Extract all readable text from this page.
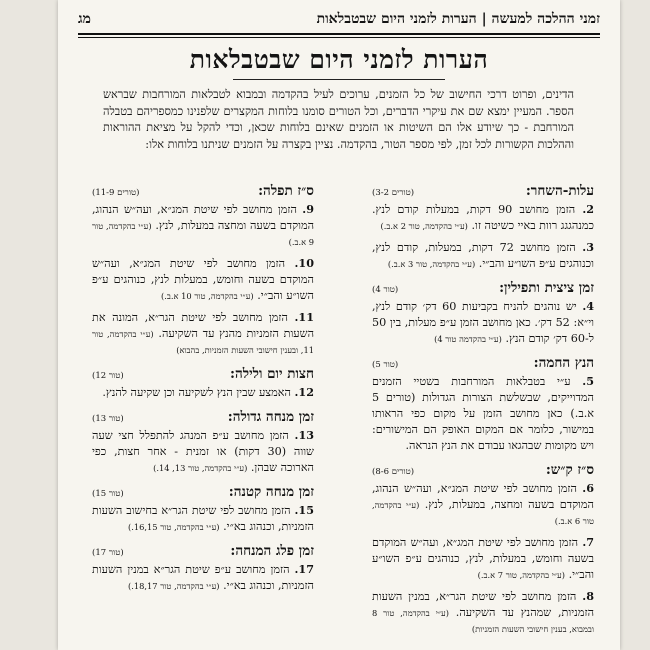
זמני ההלכה למעשה | הערות לזמני היום שבטבלאות
מג
הערות לזמני היום שבטבלאות
הדינים, ופרוט דרכי החישוב של כל הזמנים, ערוכים לעיל בהקדמה ובמבוא לטבלאות המורחבות שבראש הספר. המעיין ימצא שם את עיקרי הדברים, וכל הטורים סומנו בלוחות המקצרים שלפנינו כמספריהם בטבלה המורחבת - כך שיודע אלו הם השיטות או הזמנים שאינם בלוחות שכאן, וכדי להקל על מציאת ההוראות וההלכות הקשורות לכל זמן, לפי מספר הטור, בהקדמה. נציין בקצרה על הזמנים שניתנו בלוחות אלו:
עלות-השחר:
(טורים 3-2)
2. הזמן מחושב 90 דקות, במעלות קודם לנץ. כמנהגגג רוות באיי כשיטה זו. (ע״י בהקדמה, טור 2 א.ב.)
3. הזמן מחושב 72 דקות, במעלות, קודם לנץ, וכנוהגים ע״פ השו״ע והב״י. (ע״י בהקדמה, טור 3 א.ב.)
זמן ציצית ותפילין:
(טור 4)
4. יש נוהגים להניח בקביעות 60 דק׳ קודם לנץ, וי״א: 52 דק׳. כאן מחושב הזמן ע״פ מעלות, בין 50 ל-60 דק׳ קודם הנץ. (ע״י בהקדמה טור 4)
הנץ החמה:
(טור 5)
5. ע״י בטבלאות המורחבות בשטיי הזמנים המדוייקים, שבשלשת הצורות הגדולות (טורים 5 א.ב.) כאן מחושב הזמן על מקום כפי הראותו במישור, כלומר אם המקום האופק הם המישורים: ויש מקומות שבהגאו עבודם את הנץ הנראה.
ס״ז ק״ש:
(טורים 8-6)
6. הזמן מחושב לפי שיטת המג״א, ועה״ש הנהוג, המוקדם בשעה ומחצה, במעלות, לנץ. (ע״י בהקדמה, טור 6 א.ב.)
7. הזמן מחושב לפי שיטת המג״א, ועה״ש המוקדם בשעה וחומש, במעלות, לנץ, כנוהגים ע״פ השו״ע והב״י. (ע״י בהקדמה, טור 7 א.ב.)
8. הזמן מחושב לפי שיטת הגר״א, במנין השעות הזמניות, שמהנץ עד השקיעה. (ע״י בהקדמה, טור 8 ובמבוא, בענין חישובי השעות הזמניות)
ס״ז תפלה:
(טורים 11-9)
9. הזמן מחושב לפי שיטת המג״א, ועה״ש הנהוג, המוקדם בשעה ומחצה במעלות, לנץ. (ע״י בהקדמה, טור 9 א.ב.)
10. הזמן מחושב לפי שיטת המג״א, ועה״ש המוקדם בשעה וחומש, במעלות לנץ, כנוהגים ע״פ השו״ע והב״י. (ע״י בהקדמה, טור 10 א.ב.)
11. הזמן מחושב לפי שיטת הגר״א, המונה את השעות הזמניות מהנץ עד השקיעה. (ע״י בהקדמה, טור 11, ובענין חישובי השעות הזמניות, בהבוא)
חצות יום ולילה:
(טור 12)
12. האמצע שבין הנץ לשקיעה וכן שקיעה להנץ.
זמן מנחה גדולה:
(טור 13)
13. הזמן מחושב ע״פ המנהג להתפלל חצי שעה שווה (30 דקות) או זמנית - אחר חצות, כפי הארוכה שבהן. (ע״י בהקדמה, טור 13, 14.)
זמן מנחה קטנה:
(טור 15)
15. הזמן מחושב לפי שיטת הגר״א בחישוב השעות הזמניות, וכנהוג בא״י. (ע״י בהקדמה, טור 16,15.)
זמן פלג המנחה:
(טור 17)
17. הזמן מחושב ע״פ שיטת הגר״א במנין השעות הזמניות, וכנהוג בא״י. (ע״י בהקדמה, טור 18,17.)
